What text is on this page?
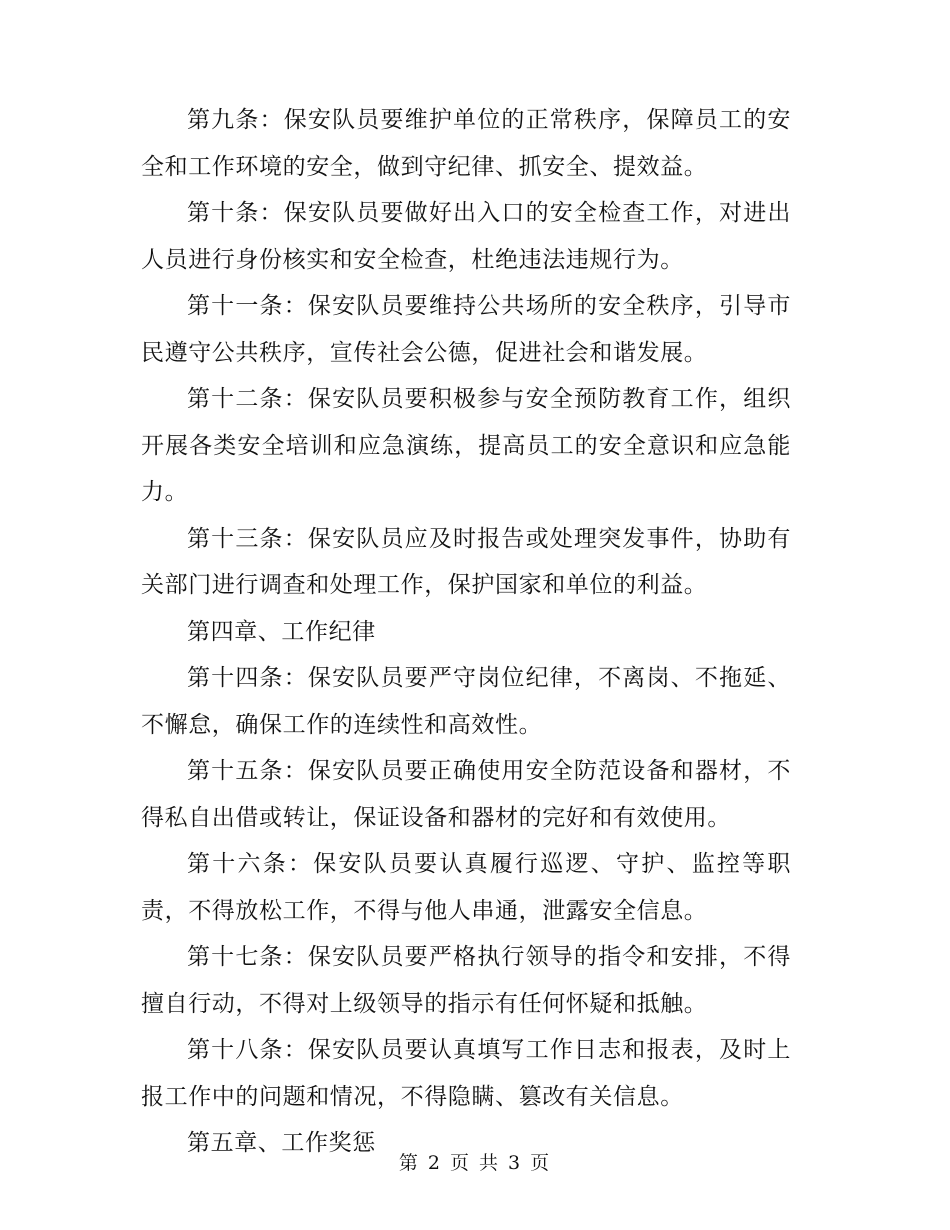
第九条：保安队员要维护单位的正常秩序，保障员工的安全和工作环境的安全，做到守纪律、抓安全、提效益。

第十条：保安队员要做好出入口的安全检查工作，对进出人员进行身份核实和安全检查，杜绝违法违规行为。

第十一条：保安队员要维持公共场所的安全秩序，引导市民遵守公共秩序，宣传社会公德，促进社会和谐发展。

第十二条：保安队员要积极参与安全预防教育工作，组织开展各类安全培训和应急演练，提高员工的安全意识和应急能力。

第十三条：保安队员应及时报告或处理突发事件，协助有关部门进行调查和处理工作，保护国家和单位的利益。

第四章、工作纪律

第十四条：保安队员要严守岗位纪律，不离岗、不拖延、不懈怠，确保工作的连续性和高效性。

第十五条：保安队员要正确使用安全防范设备和器材，不得私自出借或转让，保证设备和器材的完好和有效使用。

第十六条：保安队员要认真履行巡逻、守护、监控等职责，不得放松工作，不得与他人串通，泄露安全信息。

第十七条：保安队员要严格执行领导的指令和安排，不得擅自行动，不得对上级领导的指示有任何怀疑和抵触。

第十八条：保安队员要认真填写工作日志和报表，及时上报工作中的问题和情况，不得隐瞒、篡改有关信息。

第五章、工作奖惩

第 2 页 共 3 页
